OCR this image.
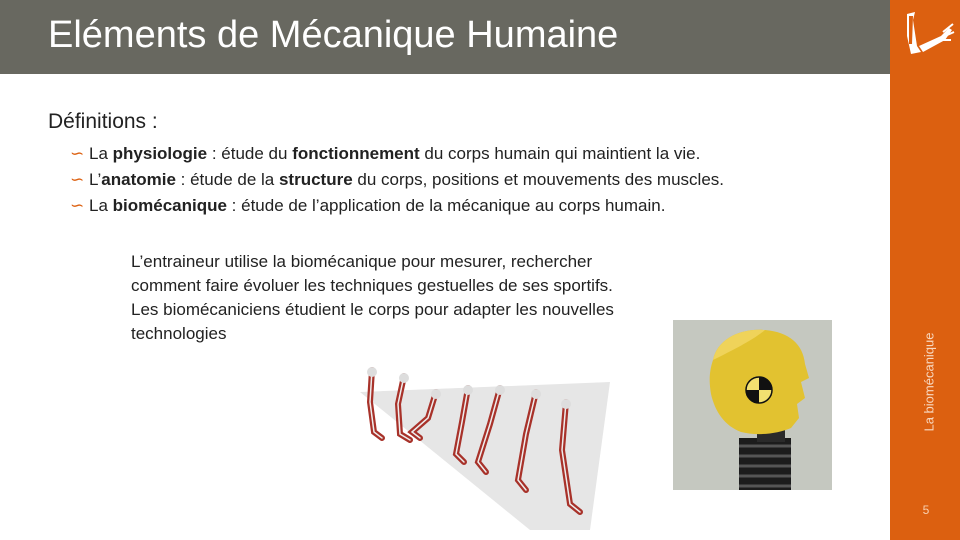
Eléments de Mécanique Humaine
La biomécanique
5
Définitions :
∽ La physiologie : étude du fonctionnement du corps humain qui maintient la vie.
∽ L’anatomie : étude de la structure du corps, positions et mouvements des muscles.
∽ La biomécanique : étude de l’application de la mécanique au corps humain.

L’entraineur utilise la biomécanique pour mesurer, rechercher comment faire évoluer les techniques gestuelles de ses sportifs.

Les biomécaniciens étudient le corps pour adapter les nouvelles technologies
